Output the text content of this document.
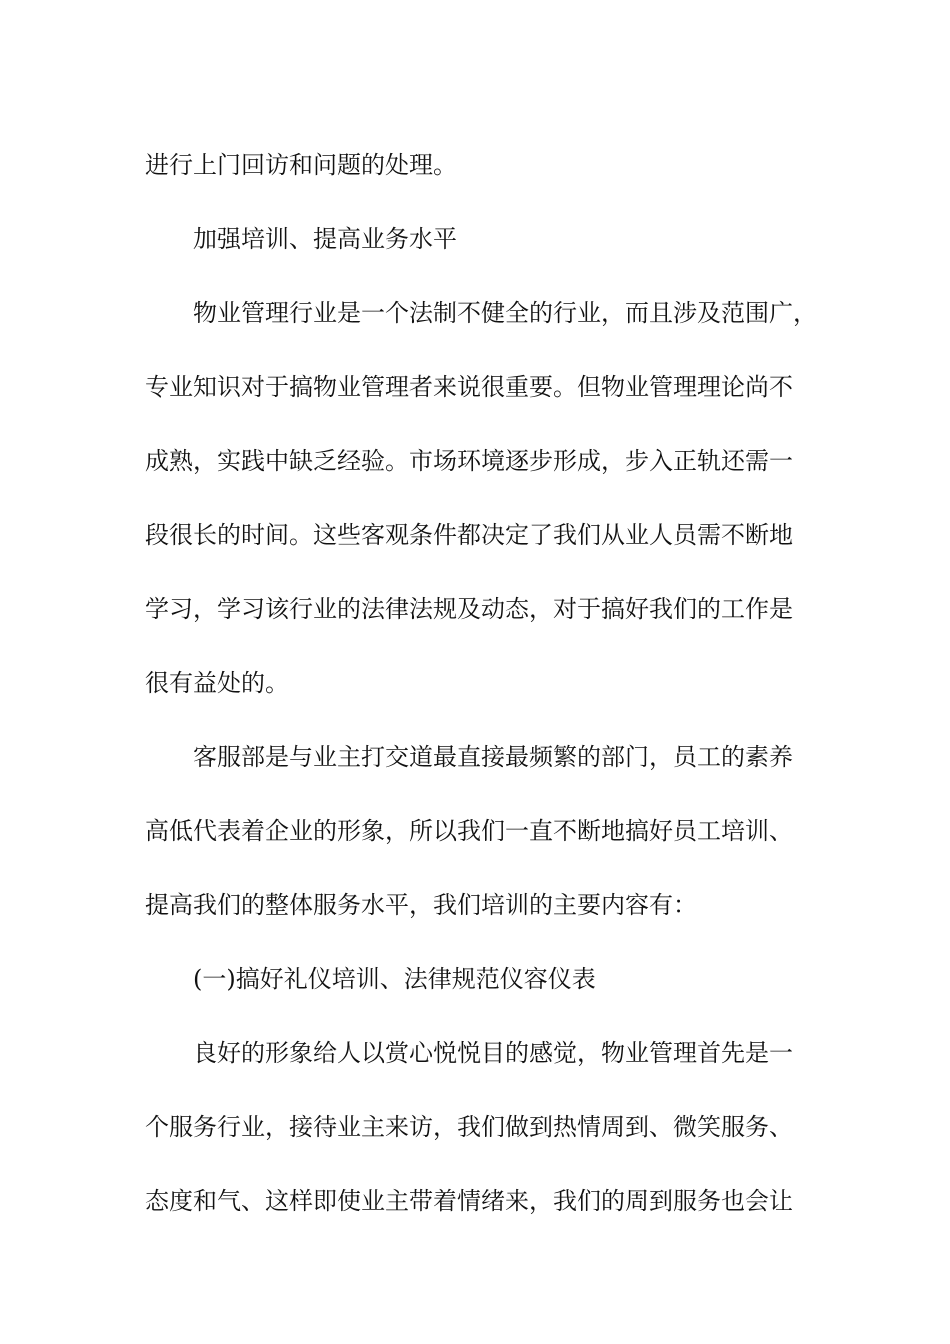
进行上门回访和问题的处理。
加强培训、提高业务水平
物业管理行业是一个法制不健全的行业，而且涉及范围广，
专业知识对于搞物业管理者来说很重要。但物业管理理论尚不
成熟，实践中缺乏经验。市场环境逐步形成，步入正轨还需一
段很长的时间。这些客观条件都决定了我们从业人员需不断地
学习，学习该行业的法律法规及动态，对于搞好我们的工作是
很有益处的。
客服部是与业主打交道最直接最频繁的部门，员工的素养
高低代表着企业的形象，所以我们一直不断地搞好员工培训、
提高我们的整体服务水平，我们培训的主要内容有：
(一)搞好礼仪培训、法律规范仪容仪表
良好的形象给人以赏心悦悦目的感觉，物业管理首先是一
个服务行业，接待业主来访，我们做到热情周到、微笑服务、
态度和气、这样即使业主带着情绪来，我们的周到服务也会让
